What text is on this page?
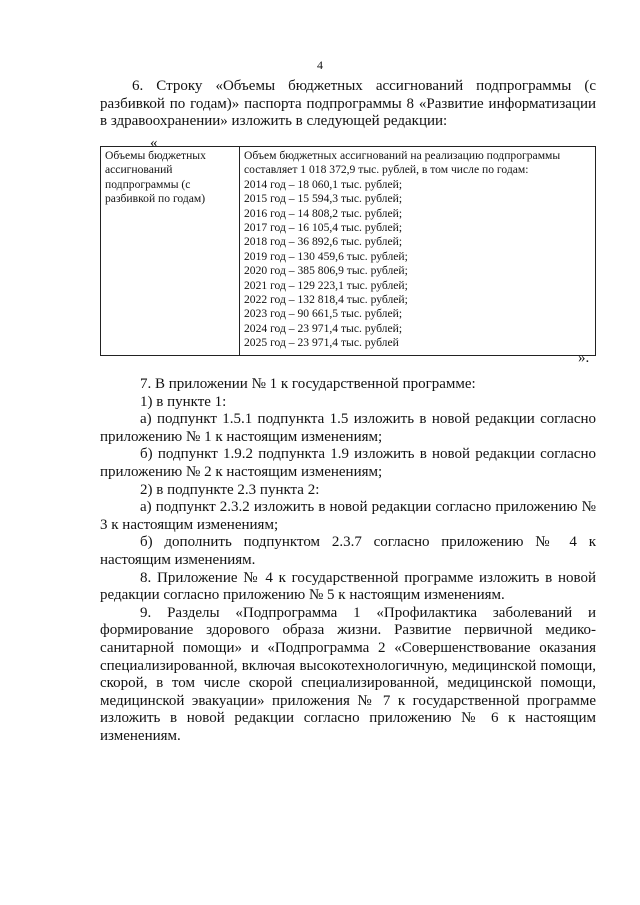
4

6. Строку «Объемы бюджетных ассигнований подпрограммы (с разбивкой по годам)» паспорта подпрограммы 8 «Развитие информатизации в здравоохранении» изложить в следующей редакции:

«
Объемы бюджетных ассигнований подпрограммы (с разбивкой по годам)	Объем бюджетных ассигнований на реализацию подпрограммы составляет 1 018 372,9 тыс. рублей, в том числе по годам:
2014 год – 18 060,1 тыс. рублей;
2015 год – 15 594,3 тыс. рублей;
2016 год – 14 808,2 тыс. рублей;
2017 год – 16 105,4 тыс. рублей;
2018 год – 36 892,6 тыс. рублей;
2019 год – 130 459,6 тыс. рублей;
2020 год – 385 806,9 тыс. рублей;
2021 год – 129 223,1 тыс. рублей;
2022 год – 132 818,4 тыс. рублей;
2023 год – 90 661,5 тыс. рублей;
2024 год – 23 971,4 тыс. рублей;
2025 год – 23 971,4 тыс. рублей
».

7. В приложении № 1 к государственной программе:

1) в пункте 1:

а) подпункт 1.5.1 подпункта 1.5 изложить в новой редакции согласно приложению № 1 к настоящим изменениям;

б) подпункт 1.9.2 подпункта 1.9 изложить в новой редакции согласно приложению № 2 к настоящим изменениям;

2) в подпункте 2.3 пункта 2:

а) подпункт 2.3.2 изложить в новой редакции согласно приложению № 3 к настоящим изменениям;

б) дополнить подпунктом 2.3.7 согласно приложению № 4 к настоящим изменениям.

8. Приложение № 4 к государственной программе изложить в новой редакции согласно приложению № 5 к настоящим изменениям.

9. Разделы «Подпрограмма 1 «Профилактика заболеваний и формирование здорового образа жизни. Развитие первичной медико-санитарной помощи» и «Подпрограмма 2 «Совершенствование оказания специализированной, включая высокотехнологичную, медицинской помощи, скорой, в том числе скорой специализированной, медицинской помощи, медицинской эвакуации» приложения № 7 к государственной программе изложить в новой редакции согласно приложению № 6 к настоящим изменениям.
